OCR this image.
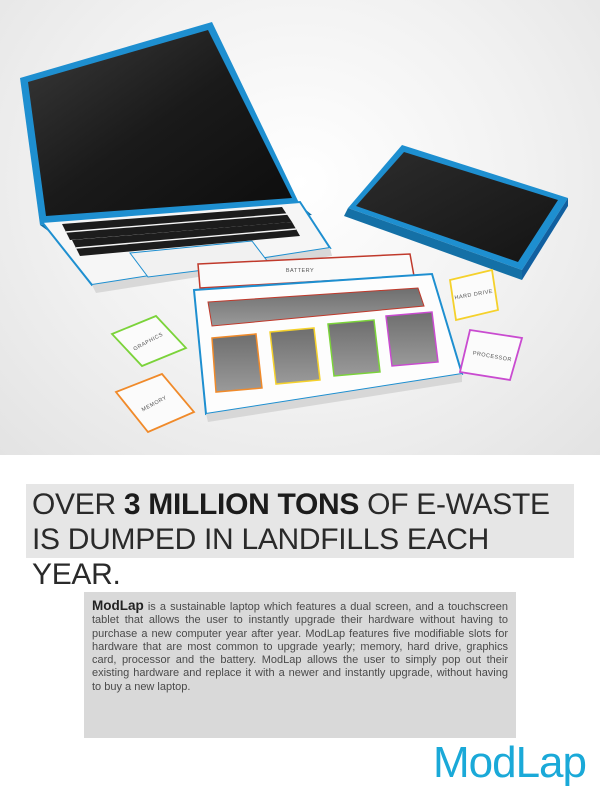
BATTERY
GRAPHICS
MEMORY
HARD DRIVE
PROCESSOR
OVER 3 MILLION TONS OF E-WASTE IS DUMPED IN LANDFILLS EACH YEAR.
ModLap is a sustainable laptop which features a dual screen, and a touchscreen tablet that allows the user to instantly upgrade their hardware without having to purchase a new computer year after year. ModLap features five modifiable slots for hardware that are most common to upgrade yearly; memory, hard drive, graphics card, processor and the battery. ModLap allows the user to simply pop out their existing hardware and replace it with a newer and instantly upgrade, without having to buy a new laptop.
ModLap
